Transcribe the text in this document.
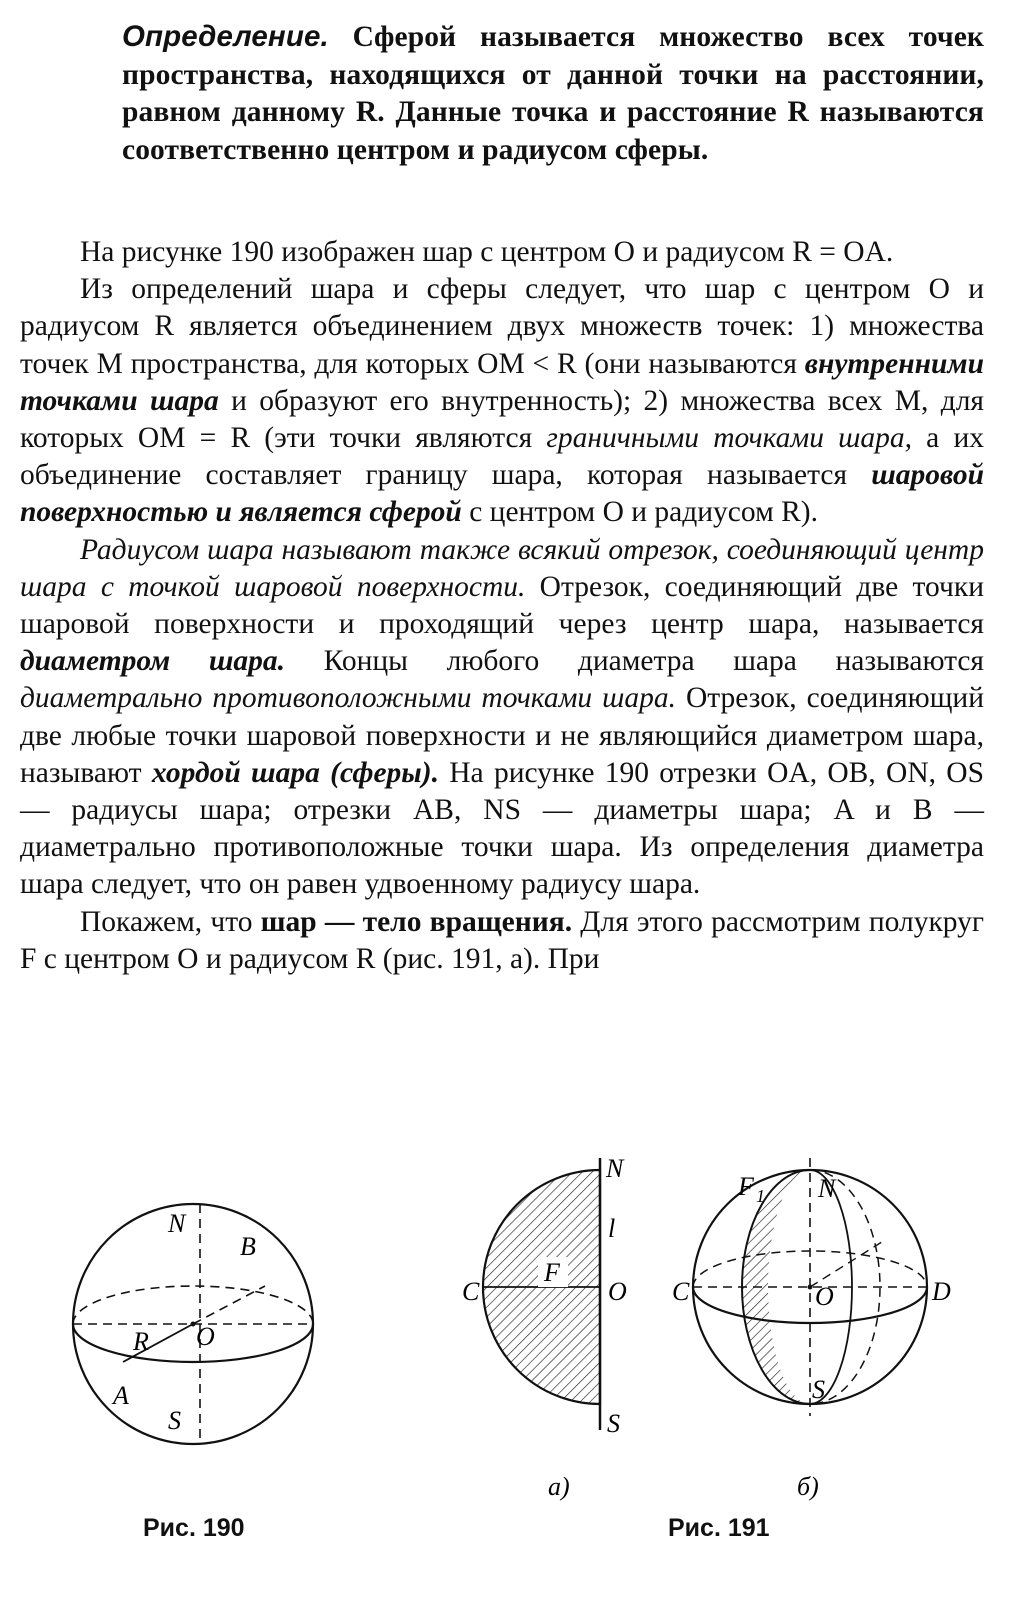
Определение. Сферой называется множество всех точек пространства, находящихся от данной точки на расстоянии, равном данному R. Данные точка и расстояние R называются соответственно центром и радиусом сферы.

На рисунке 190 изображен шар с центром O и радиусом R = OA.

Из определений шара и сферы следует, что шар с центром O и радиусом R является объединением двух множеств точек: 1) множества точек M пространства, для которых OM < R (они называются внутренними точками шара и образуют его внутренность); 2) множества всех M, для которых OM = R (эти точки являются граничными точками шара, а их объединение составляет границу шара, которая называется шаровой поверхностью и является сферой с центром O и радиусом R).

Радиусом шара называют также всякий отрезок, соединяющий центр шара с точкой шаровой поверхности. Отрезок, соединяющий две точки шаровой поверхности и проходящий через центр шара, называется диаметром шара. Концы любого диаметра шара называются диаметрально противоположными точками шара. Отрезок, соединяющий две любые точки шаровой поверхности и не являющийся диаметром шара, называют хордой шара (сферы). На рисунке 190 отрезки OA, OB, ON, OS — радиусы шара; отрезки AB, NS — диаметры шара; A и B — диаметрально противоположные точки шара. Из определения диаметра шара следует, что он равен удвоенному радиусу шара.

Покажем, что шар — тело вращения. Для этого рассмотрим полукруг F с центром O и радиусом R (рис. 191, а). При

N
B
R O
A
S
F
N
l
C	O
S
а)
F 1 N
C	O	D
S
б)
Рис. 190	Рис. 191
